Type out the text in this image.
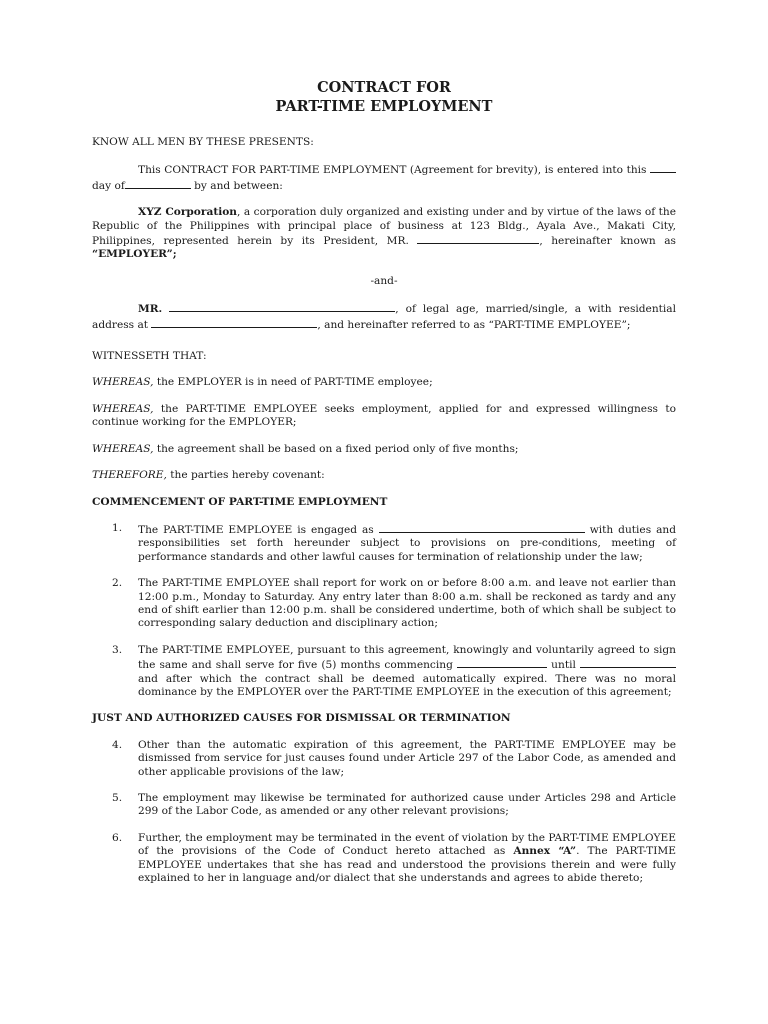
CONTRACT FOR
PART-TIME EMPLOYMENT

KNOW ALL MEN BY THESE PRESENTS:

This CONTRACT FOR PART-TIME EMPLOYMENT (Agreement for brevity), is entered into this  day of	by and between:

XYZ Corporation, a corporation duly organized and existing under and by virtue of the laws of the Republic of the Philippines with principal place of business at 123 Bldg., Ayala Ave., Makati City, Philippines, represented herein by its President, MR.	, hereinafter known as “EMPLOYER”;

-and-

MR.	, of legal age, married/single, a with residential address at	, and hereinafter referred to as “PART-TIME EMPLOYEE”;

WITNESSETH THAT:

WHEREAS, the EMPLOYER is in need of PART-TIME employee;

WHEREAS, the PART-TIME EMPLOYEE seeks employment, applied for and expressed willingness to continue working for the EMPLOYER;

WHEREAS, the agreement shall be based on a fixed period only of five months;

THEREFORE, the parties hereby covenant:

COMMENCEMENT OF PART-TIME EMPLOYMENT
1. The PART-TIME EMPLOYEE is engaged as	with duties and responsibilities set forth hereunder subject to provisions on pre-conditions, meeting of performance standards and other lawful causes for termination of relationship under the law;
2. The PART-TIME EMPLOYEE shall report for work on or before 8:00 a.m. and leave not earlier than 12:00 p.m., Monday to Saturday. Any entry later than 8:00 a.m. shall be reckoned as tardy and any end of shift earlier than 12:00 p.m. shall be considered undertime, both of which shall be subject to corresponding salary deduction and disciplinary action;
3. The PART-TIME EMPLOYEE, pursuant to this agreement, knowingly and voluntarily agreed to sign the same and shall serve for five (5) months commencing	until  and after which the contract shall be deemed automatically expired. There was no moral dominance by the EMPLOYER over the PART-TIME EMPLOYEE in the execution of this agreement;
JUST AND AUTHORIZED CAUSES FOR DISMISSAL OR TERMINATION
4. Other than the automatic expiration of this agreement, the PART-TIME EMPLOYEE may be dismissed from service for just causes found under Article 297 of the Labor Code, as amended and other applicable provisions of the law;
5. The employment may likewise be terminated for authorized cause under Articles 298 and Article 299 of the Labor Code, as amended or any other relevant provisions;
6. Further, the employment may be terminated in the event of violation by the PART-TIME EMPLOYEE of the provisions of the Code of Conduct hereto attached as Annex “A”. The PART-TIME EMPLOYEE undertakes that she has read and understood the provisions therein and were fully explained to her in language and/or dialect that she understands and agrees to abide thereto;
